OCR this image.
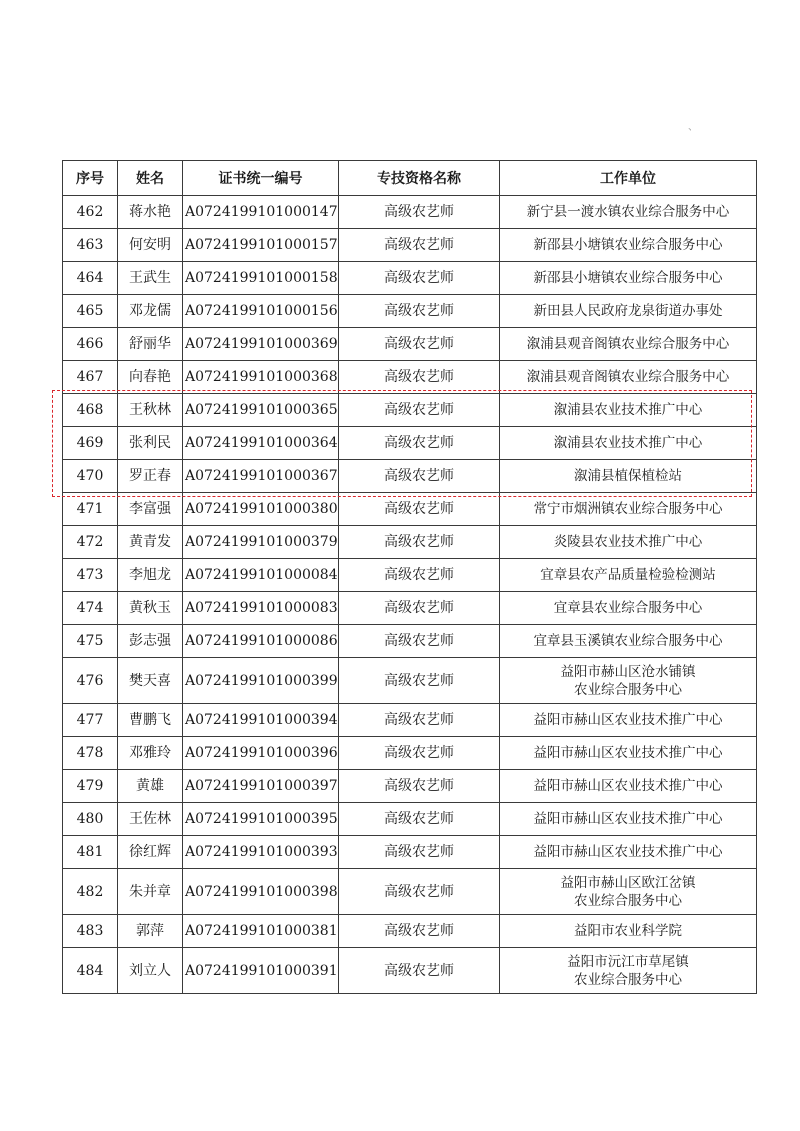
、
序号	姓名	证书统一编号	专技资格名称	工作单位
462	蒋水艳	A0724199101000147	高级农艺师	新宁县一渡水镇农业综合服务中心

463	何安明	A0724199101000157	高级农艺师	新邵县小塘镇农业综合服务中心

464	王武生	A0724199101000158	高级农艺师	新邵县小塘镇农业综合服务中心

465	邓龙儒	A0724199101000156	高级农艺师	新田县人民政府龙泉街道办事处

466	舒丽华	A0724199101000369	高级农艺师	溆浦县观音阁镇农业综合服务中心

467	向春艳	A0724199101000368	高级农艺师	溆浦县观音阁镇农业综合服务中心

468	王秋林	A0724199101000365	高级农艺师	溆浦县农业技术推广中心

469	张利民	A0724199101000364	高级农艺师	溆浦县农业技术推广中心

470	罗正春	A0724199101000367	高级农艺师	溆浦县植保植检站

471	李富强	A0724199101000380	高级农艺师	常宁市烟洲镇农业综合服务中心

472	黄青发	A0724199101000379	高级农艺师	炎陵县农业技术推广中心

473	李旭龙	A0724199101000084	高级农艺师	宜章县农产品质量检验检测站

474	黄秋玉	A0724199101000083	高级农艺师	宜章县农业综合服务中心

475	彭志强	A0724199101000086	高级农艺师	宜章县玉溪镇农业综合服务中心

476	樊天喜	A0724199101000399	高级农艺师	益阳市赫山区沧水铺镇
农业综合服务中心

477	曹鹏飞	A0724199101000394	高级农艺师	益阳市赫山区农业技术推广中心

478	邓雅玲	A0724199101000396	高级农艺师	益阳市赫山区农业技术推广中心

479	黄雄	A0724199101000397	高级农艺师	益阳市赫山区农业技术推广中心

480	王佐林	A0724199101000395	高级农艺师	益阳市赫山区农业技术推广中心

481	徐红辉	A0724199101000393	高级农艺师	益阳市赫山区农业技术推广中心

482	朱并章	A0724199101000398	高级农艺师	益阳市赫山区欧江岔镇
农业综合服务中心

483	郭萍	A0724199101000381	高级农艺师	益阳市农业科学院

484	刘立人	A0724199101000391	高级农艺师	益阳市沅江市草尾镇
农业综合服务中心
